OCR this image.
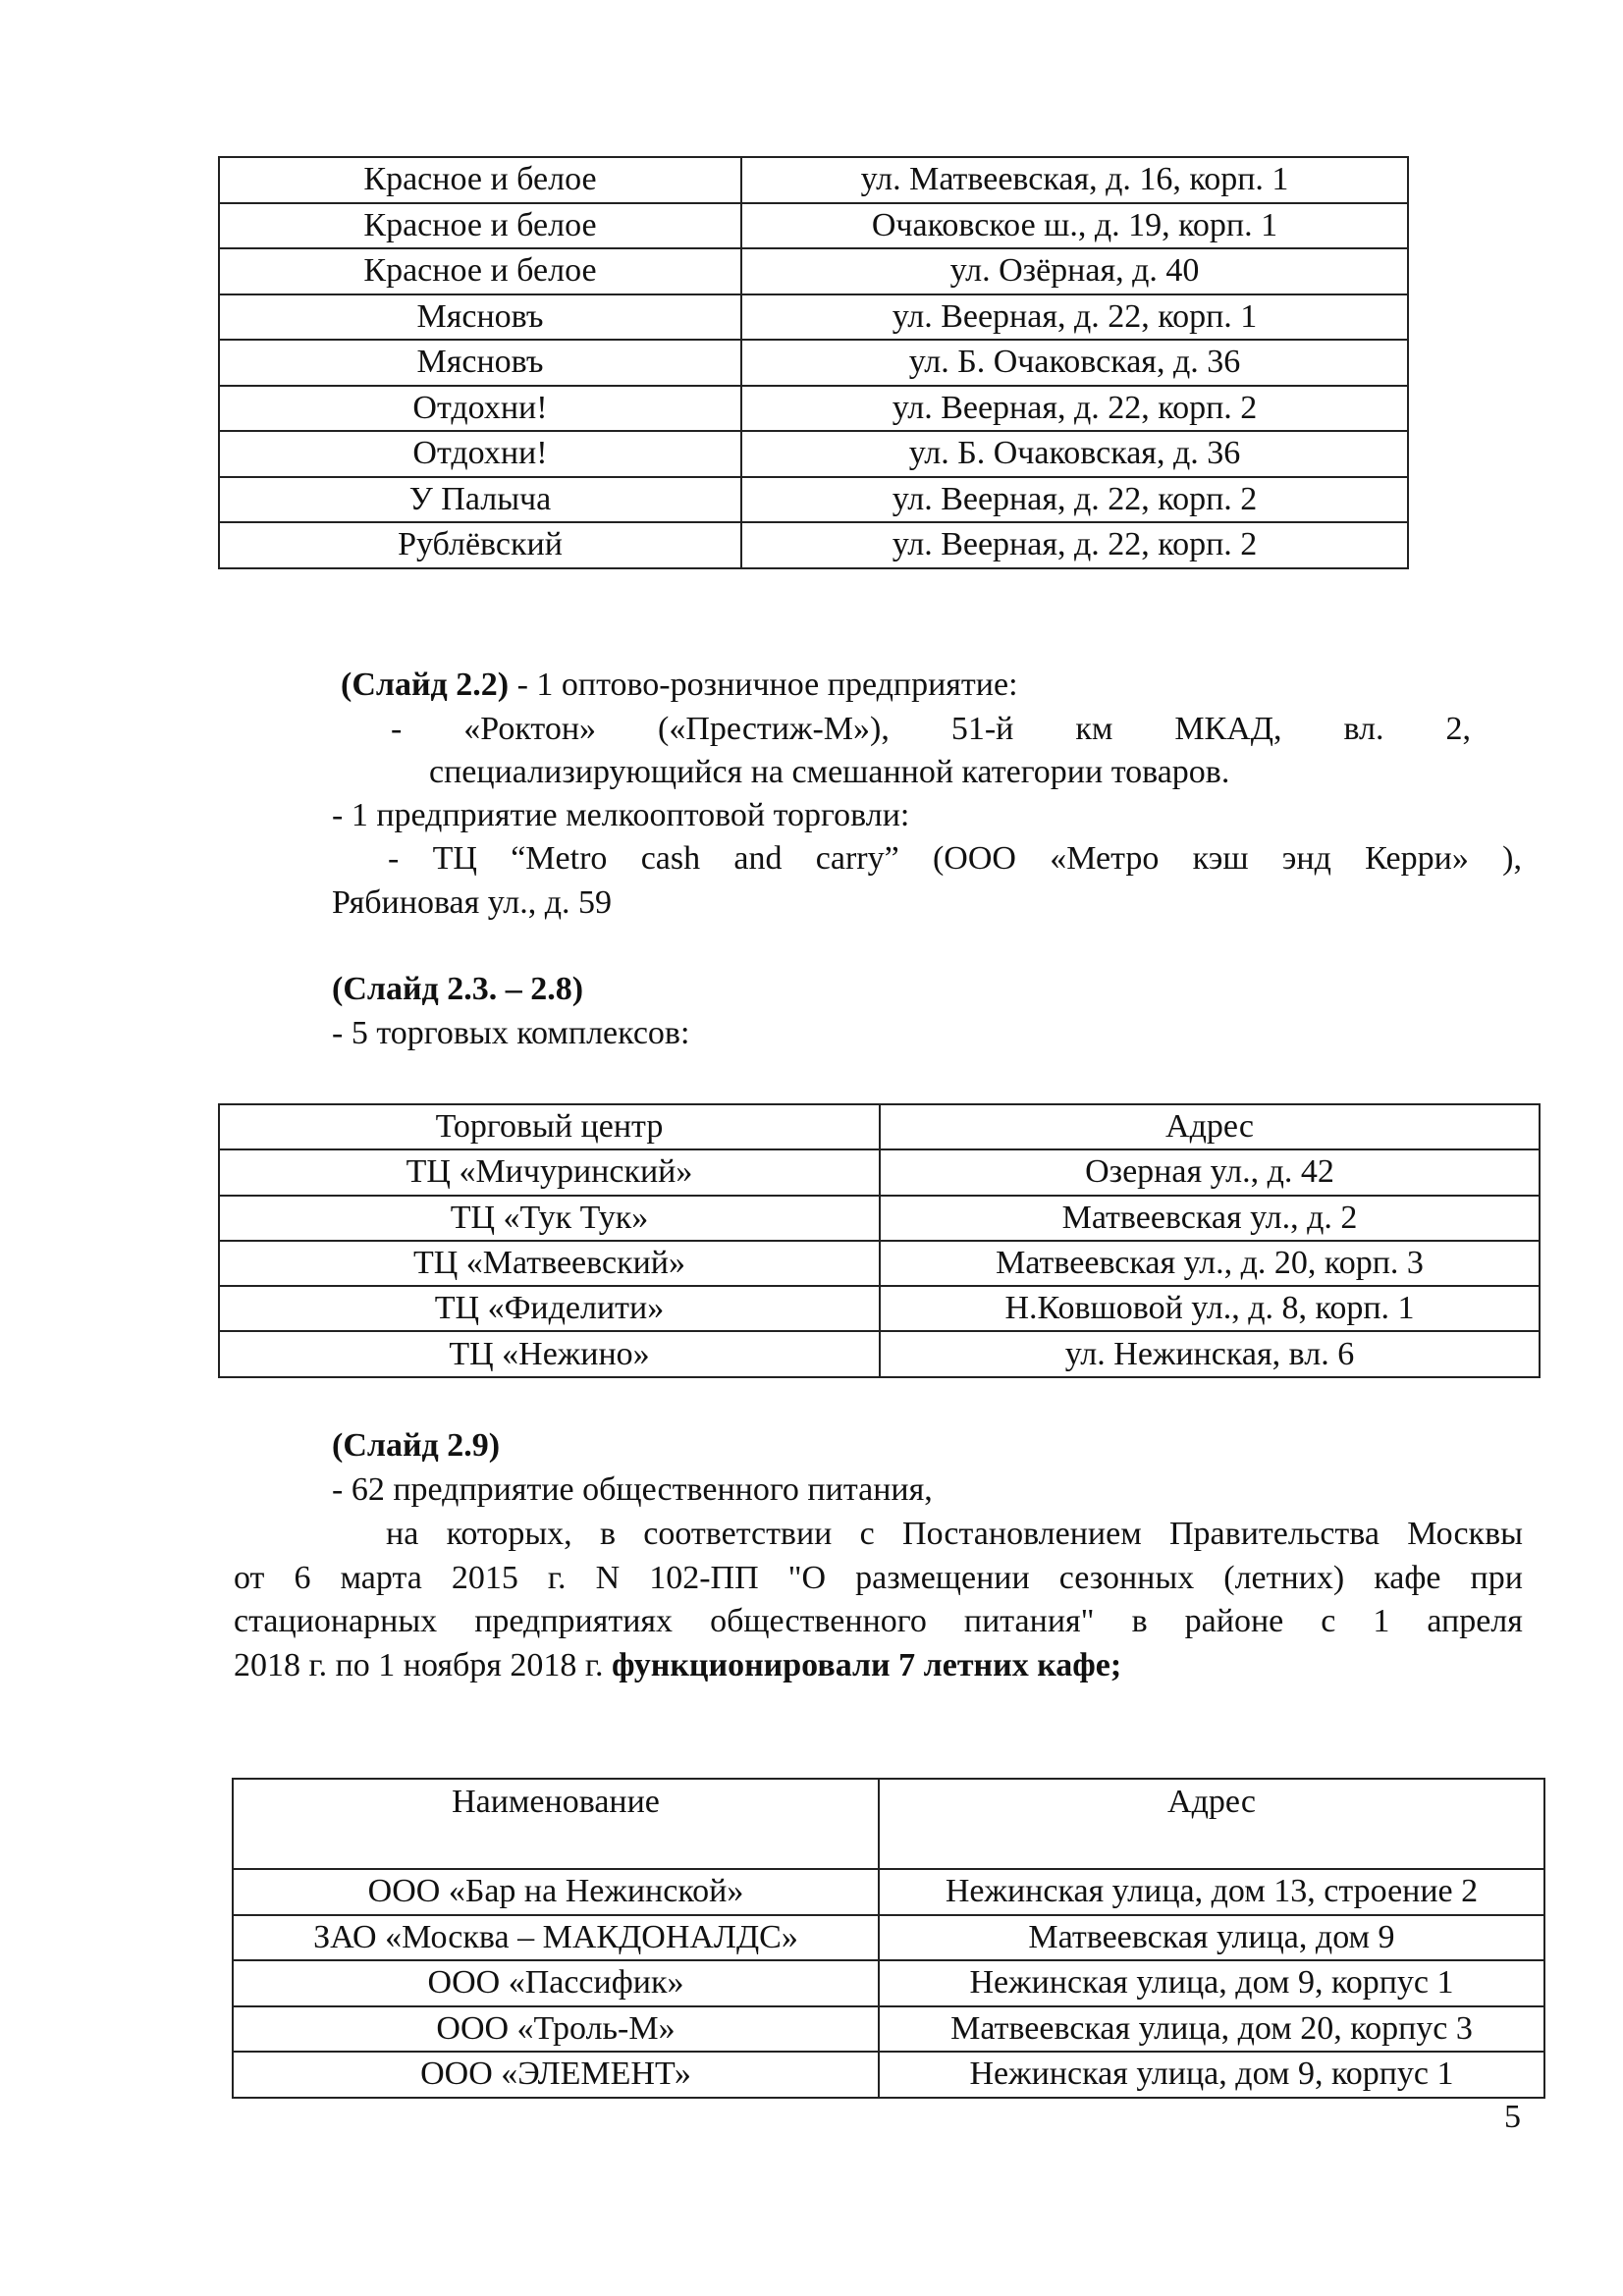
Красное и белое	ул. Матвеевская, д. 16, корп. 1
Красное и белое	Очаковское ш., д. 19, корп. 1
Красное и белое	ул. Озёрная, д. 40
Мясновъ	ул. Веерная, д. 22, корп. 1
Мясновъ	ул. Б. Очаковская, д. 36
Отдохни!	ул. Веерная, д. 22, корп. 2
Отдохни!	ул. Б. Очаковская, д. 36
У Палыча	ул. Веерная, д. 22, корп. 2
Рублёвский	ул. Веерная, д. 22, корп. 2
(Слайд 2.2) - 1 оптово-розничное предприятие:
- «Роктон» («Престиж-М»), 51-й км МКАД, вл. 2,
специализирующийся на смешанной категории товаров.
- 1 предприятие мелкооптовой торговли:
- ТЦ “Metro cash and carry” (ООО «Метро кэш энд Керри» ),
Рябиновая ул., д. 59
(Слайд 2.3. – 2.8)
- 5 торговых комплексов:
Торговый центр	Адрес
ТЦ «Мичуринский»	Озерная ул., д. 42
ТЦ «Тук Тук»	Матвеевская ул., д. 2
ТЦ «Матвеевский»	Матвеевская ул., д. 20, корп. 3
ТЦ «Фиделити»	Н.Ковшовой ул., д. 8, корп. 1
ТЦ «Нежино»	ул. Нежинская, вл. 6
(Слайд 2.9)
- 62 предприятие общественного питания,
на которых, в соответствии с Постановлением Правительства Москвы
от 6 марта 2015 г. N 102-ПП "О размещении сезонных (летних) кафе при
стационарных предприятиях общественного питания" в районе с 1 апреля
2018 г. по 1 ноября 2018 г. функционировали 7 летних кафе;
Наименование	Адрес
ООО «Бар на Нежинской»	Нежинская улица, дом 13, строение 2
ЗАО «Москва – МАКДОНАЛДС»	Матвеевская улица, дом 9
ООО «Пассифик»	Нежинская улица, дом 9, корпус 1
ООО «Троль-М»	Матвеевская улица, дом 20, корпус 3
ООО «ЭЛЕМЕНТ»	Нежинская улица, дом 9, корпус 1
5
